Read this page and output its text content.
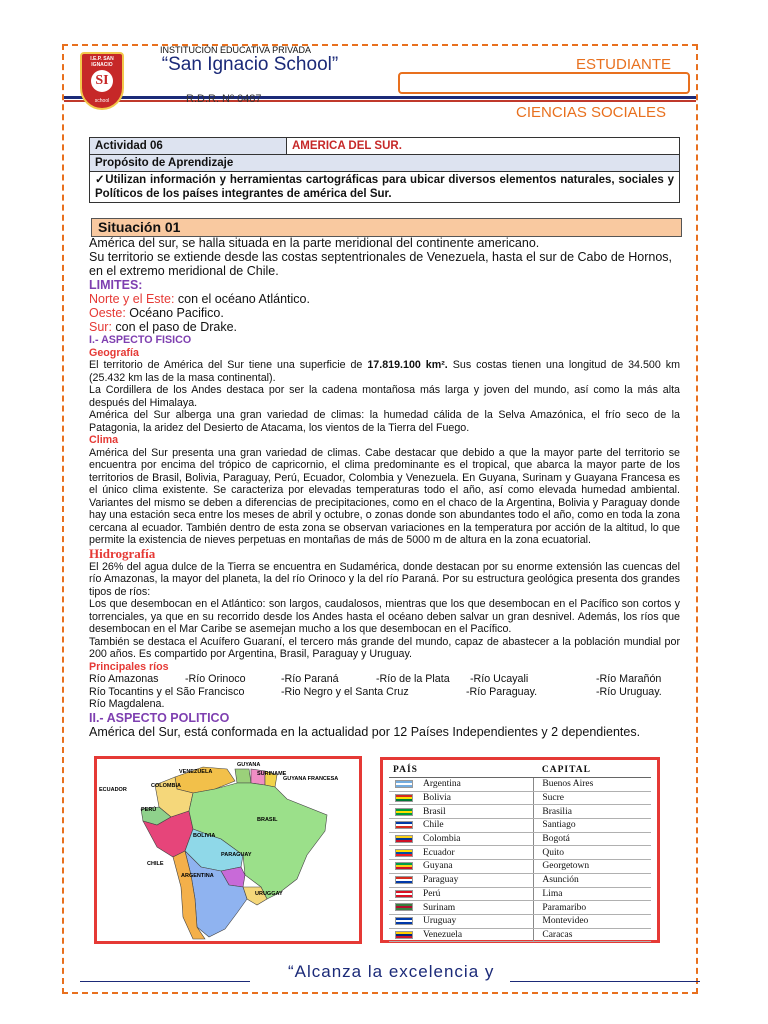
I.E.P. SAN IGNACIO
SI
school
INSTITUCIÓN EDUCATIVA PRIVADA
“San Ignacio School”
R.D.R. Nº 0487
ESTUDIANTE
CIENCIAS SOCIALES
Actividad 06	AMERICA DEL SUR.
Propósito de Aprendizaje
✓Utilizan información y herramientas cartográficas para ubicar diversos elementos naturales, sociales y Políticos de los países integrantes de américa del Sur.
Situación 01

América del sur, se halla situada en la parte meridional del continente americano.

Su territorio se extiende desde las costas septentrionales de Venezuela, hasta el sur de Cabo de Hornos, en el extremo meridional de Chile.

LIMITES:

Norte y el Este: con el océano Atlántico.

Oeste: Océano Pacifico.

Sur: con el paso de Drake.

I.- ASPECTO FISICO

Geografía

El territorio de América del Sur tiene una superficie de 17.819.100 km². Sus costas tienen una longitud de 34.500 km (25.432 km las de la masa continental).

La Cordillera de los Andes destaca por ser la cadena montañosa más larga y joven del mundo, así como la más alta después del Himalaya.

América del Sur alberga una gran variedad de climas: la humedad cálida de la Selva Amazónica, el frío seco de la Patagonia, la aridez del Desierto de Atacama, los vientos de la Tierra del Fuego.

Clima

América del Sur presenta una gran variedad de climas. Cabe destacar que debido a que la mayor parte del territorio se encuentra por encima del trópico de capricornio, el clima predominante es el tropical, que abarca la mayor parte de los territorios de Brasil, Bolivia, Paraguay, Perú, Ecuador, Colombia y Venezuela. En Guyana, Surinam y Guayana Francesa es el único clima existente. Se caracteriza por elevadas temperaturas todo el año, así como elevada humedad ambiental. Variantes del mismo se deben a diferencias de precipitaciones, como en el chaco de la Argentina, Bolivia y Paraguay donde hay una estación seca entre los meses de abril y octubre, o zonas donde son abundantes todo el año, como en toda la zona cercana al ecuador. También dentro de esta zona se observan variaciones en la temperatura por acción de la altitud, lo que permite la existencia de nieves perpetuas en montañas de más de 5000 m de altura en la zona ecuatorial.

Hidrografía

El 26% del agua dulce de la Tierra se encuentra en Sudamérica, donde destacan por su enorme extensión las cuencas del río Amazonas, la mayor del planeta, la del río Orinoco y la del río Paraná. Por su estructura geológica presenta dos grandes tipos de ríos:

Los que desembocan en el Atlántico: son largos, caudalosos, mientras que los que desembocan en el Pacífico son cortos y torrenciales, ya que en su recorrido desde los Andes hasta el océano deben salvar un gran desnivel. Además, los ríos que desembocan en el Mar Caribe se asemejan mucho a los que desembocan en el Pacífico.

También se destaca el Acuífero Guaraní, el tercero más grande del mundo, capaz de abastecer a la población mundial por 200 años. Es compartido por Argentina, Brasil, Paraguay y Uruguay.

Principales ríos

Río Amazonas -Río Orinoco	-Río Paraná	-Río de la Plata -Río Ucayali	-Río Marañón
Río Tocantins y el São Francisco	-Rio Negro y el Santa Cruz	-Río Paraguay.	-Río Uruguay.
Río Magdalena.

II.- ASPECTO POLITICO

América del Sur, está conformada en la actualidad por 12 Países Independientes y 2 dependientes.

VENEZUELA
GUYANA
SURINAME
GUYANA FRANCESA
COLOMBIA
ECUADOR
PERÚ
BRASIL
BOLIVIA
PARAGUAY
CHILE
ARGENTINA
URUGGAY
PAÍS	CAPITAL
Argentina	Buenos Aires
Bolivia	Sucre
Brasil	Brasilia
Chile	Santiago
Colombia	Bogotá
Ecuador	Quito
Guyana	Georgetown
Paraguay	Asunción
Perú	Lima
Surinam	Paramaribo
Uruguay	Montevideo
Venezuela	Caracas
“Alcanza la excelencia y
